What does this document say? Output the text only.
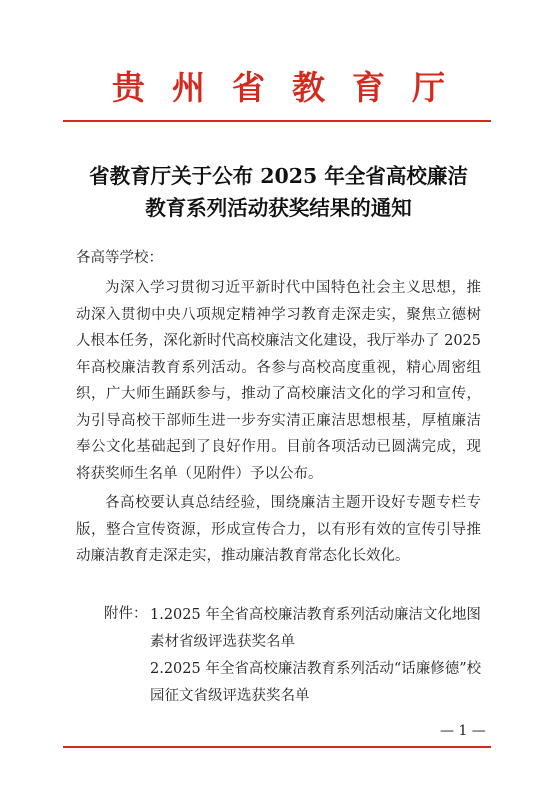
贵州省教育厅
省教育厅关于公布 2025 年全省高校廉洁
教育系列活动获奖结果的通知
各高等学校：

为深入学习贯彻习近平新时代中国特色社会主义思想，推动深入贯彻中央八项规定精神学习教育走深走实，聚焦立德树人根本任务，深化新时代高校廉洁文化建设，我厅举办了 2025 年高校廉洁教育系列活动。各参与高校高度重视，精心周密组织，广大师生踊跃参与，推动了高校廉洁文化的学习和宣传，为引导高校干部师生进一步夯实清正廉洁思想根基，厚植廉洁奉公文化基础起到了良好作用。目前各项活动已圆满完成，现将获奖师生名单（见附件）予以公布。

各高校要认真总结经验，围绕廉洁主题开设好专题专栏专版，整合宣传资源，形成宣传合力，以有形有效的宣传引导推动廉洁教育走深走实，推动廉洁教育常态化长效化。

附件： 1.2025 年全省高校廉洁教育系列活动廉洁文化地图素材省级评选获奖名单

2.2025 年全省高校廉洁教育系列活动“话廉修德”校园征文省级评选获奖名单

— 1 —
